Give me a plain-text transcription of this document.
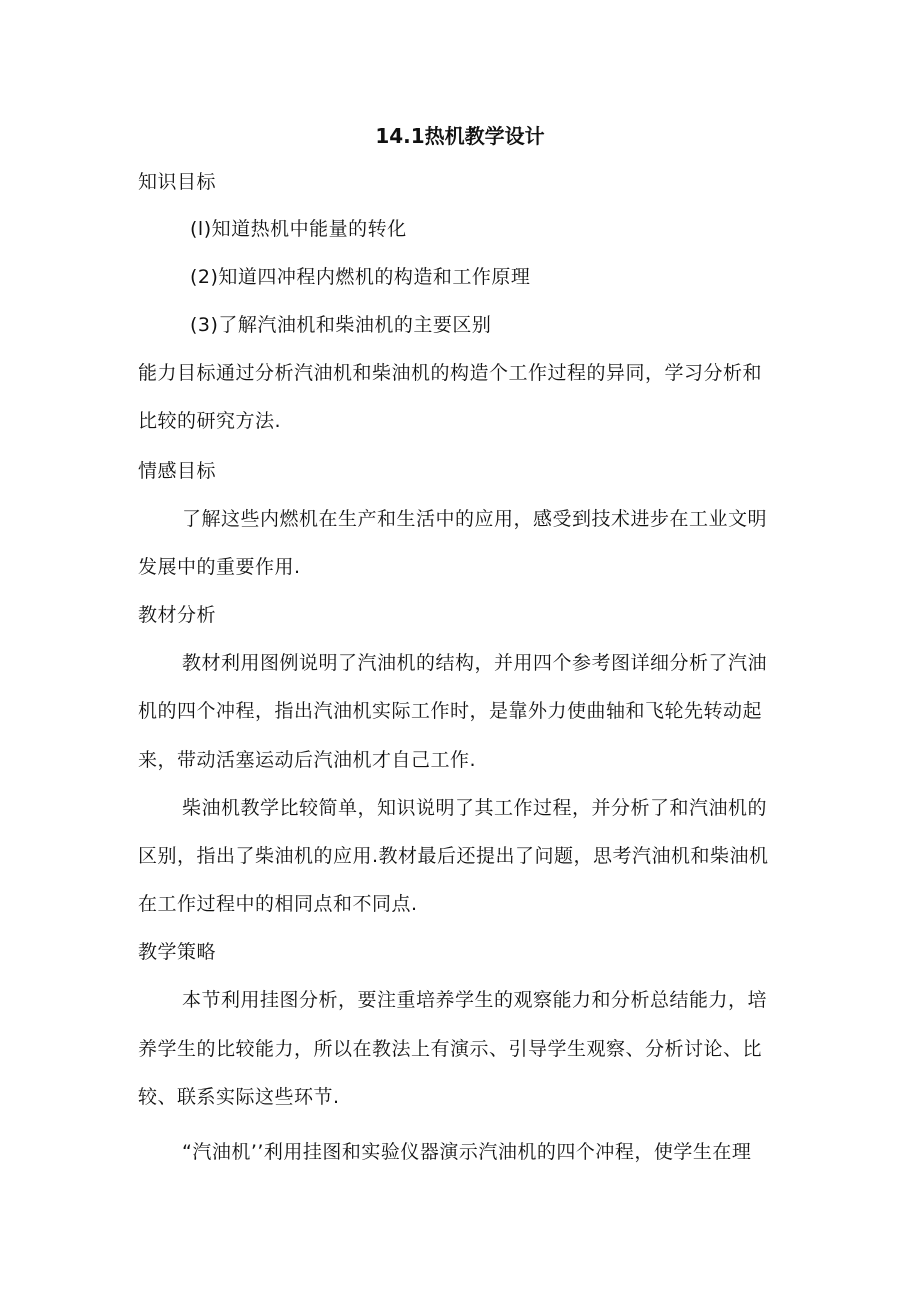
14.1热机教学设计

知识目标

(l)知道热机中能量的转化

(2)知道四冲程内燃机的构造和工作原理

(3)了解汽油机和柴油机的主要区别

能力目标通过分析汽油机和柴油机的构造个工作过程的异同，学习分析和

比较的研究方法.

情感目标

了解这些内燃机在生产和生活中的应用，感受到技术进步在工业文明

发展中的重要作用.

教材分析

教材利用图例说明了汽油机的结构，并用四个参考图详细分析了汽油

机的四个冲程，指出汽油机实际工作时，是靠外力使曲轴和飞轮先转动起

来，带动活塞运动后汽油机才自己工作.

柴油机教学比较简单，知识说明了其工作过程，并分析了和汽油机的

区别，指出了柴油机的应用.教材最后还提出了问题，思考汽油机和柴油机

在工作过程中的相同点和不同点.

教学策略

本节利用挂图分析，要注重培养学生的观察能力和分析总结能力，培

养学生的比较能力，所以在教法上有演示、引导学生观察、分析讨论、比

较、联系实际这些环节.

“汽油机’’利用挂图和实验仪器演示汽油机的四个冲程，使学生在理
